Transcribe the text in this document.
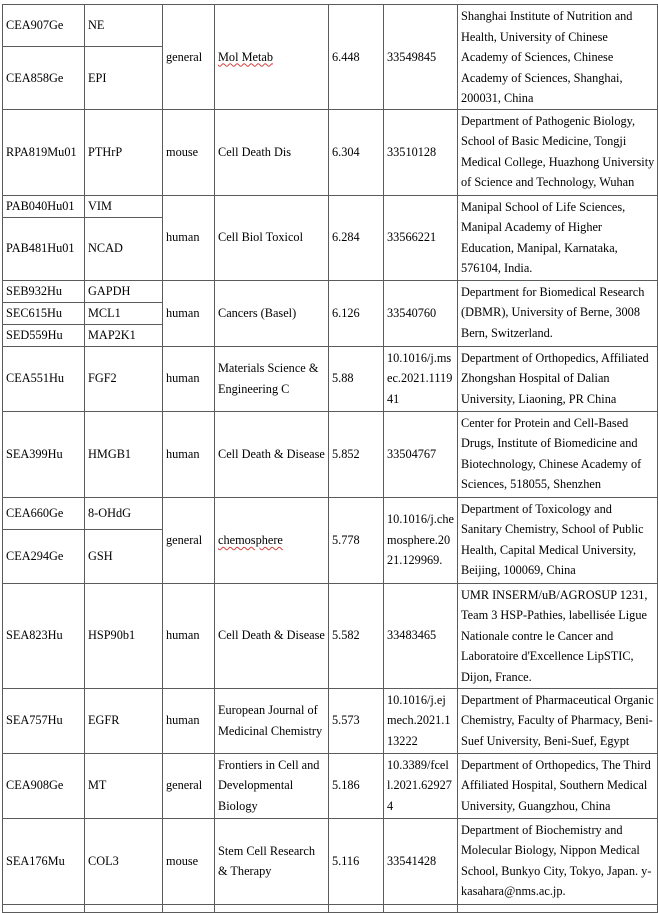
CEA907Ge	NE	general	Mol Metab	6.448	33549845	Shanghai Institute of Nutrition and Health, University of Chinese Academy of Sciences, Chinese Academy of Sciences, Shanghai, 200031, China
CEA858Ge	EPI					
RPA819Mu01	PTHrP	mouse	Cell Death Dis	6.304	33510128	Department of Pathogenic Biology, School of Basic Medicine, Tongji Medical College, Huazhong University of Science and Technology, Wuhan
PAB040Hu01	VIM	human	Cell Biol Toxicol	6.284	33566221	Manipal School of Life Sciences, Manipal Academy of Higher Education, Manipal, Karnataka, 576104, India.
PAB481Hu01	NCAD					
SEB932Hu	GAPDH	human	Cancers (Basel)	6.126	33540760	Department for Biomedical Research (DBMR), University of Berne, 3008 Bern, Switzerland.
SEC615Hu	MCL1					
SED559Hu	MAP2K1					
CEA551Hu	FGF2	human	Materials Science & Engineering C	5.88	10.1016/j.msec.2021.111941	Department of Orthopedics, Affiliated Zhongshan Hospital of Dalian University, Liaoning, PR China
SEA399Hu	HMGB1	human	Cell Death & Disease	5.852	33504767	Center for Protein and Cell-Based Drugs, Institute of Biomedicine and Biotechnology, Chinese Academy of Sciences, 518055, Shenzhen
CEA660Ge	8-OHdG	general	chemosphere	5.778	10.1016/j.chemosphere.2021.129969.	Department of Toxicology and Sanitary Chemistry, School of Public Health, Capital Medical University, Beijing, 100069, China
CEA294Ge	GSH					
SEA823Hu	HSP90b1	human	Cell Death & Disease	5.582	33483465	UMR INSERM/uB/AGROSUP 1231, Team 3 HSP-Pathies, labellisée Ligue Nationale contre le Cancer and Laboratoire d'Excellence LipSTIC, Dijon, France.
SEA757Hu	EGFR	human	European Journal of Medicinal Chemistry	5.573	10.1016/j.ejmech.2021.113222	Department of Pharmaceutical Organic Chemistry, Faculty of Pharmacy, Beni-Suef University, Beni-Suef, Egypt
CEA908Ge	MT	general	Frontiers in Cell and Developmental Biology	5.186	10.3389/fcell.2021.629274	Department of Orthopedics, The Third Affiliated Hospital, Southern Medical University, Guangzhou, China
SEA176Mu	COL3	mouse	Stem Cell Research & Therapy	5.116	33541428	Department of Biochemistry and Molecular Biology, Nippon Medical School, Bunkyo City, Tokyo, Japan. y-kasahara@nms.ac.jp.
